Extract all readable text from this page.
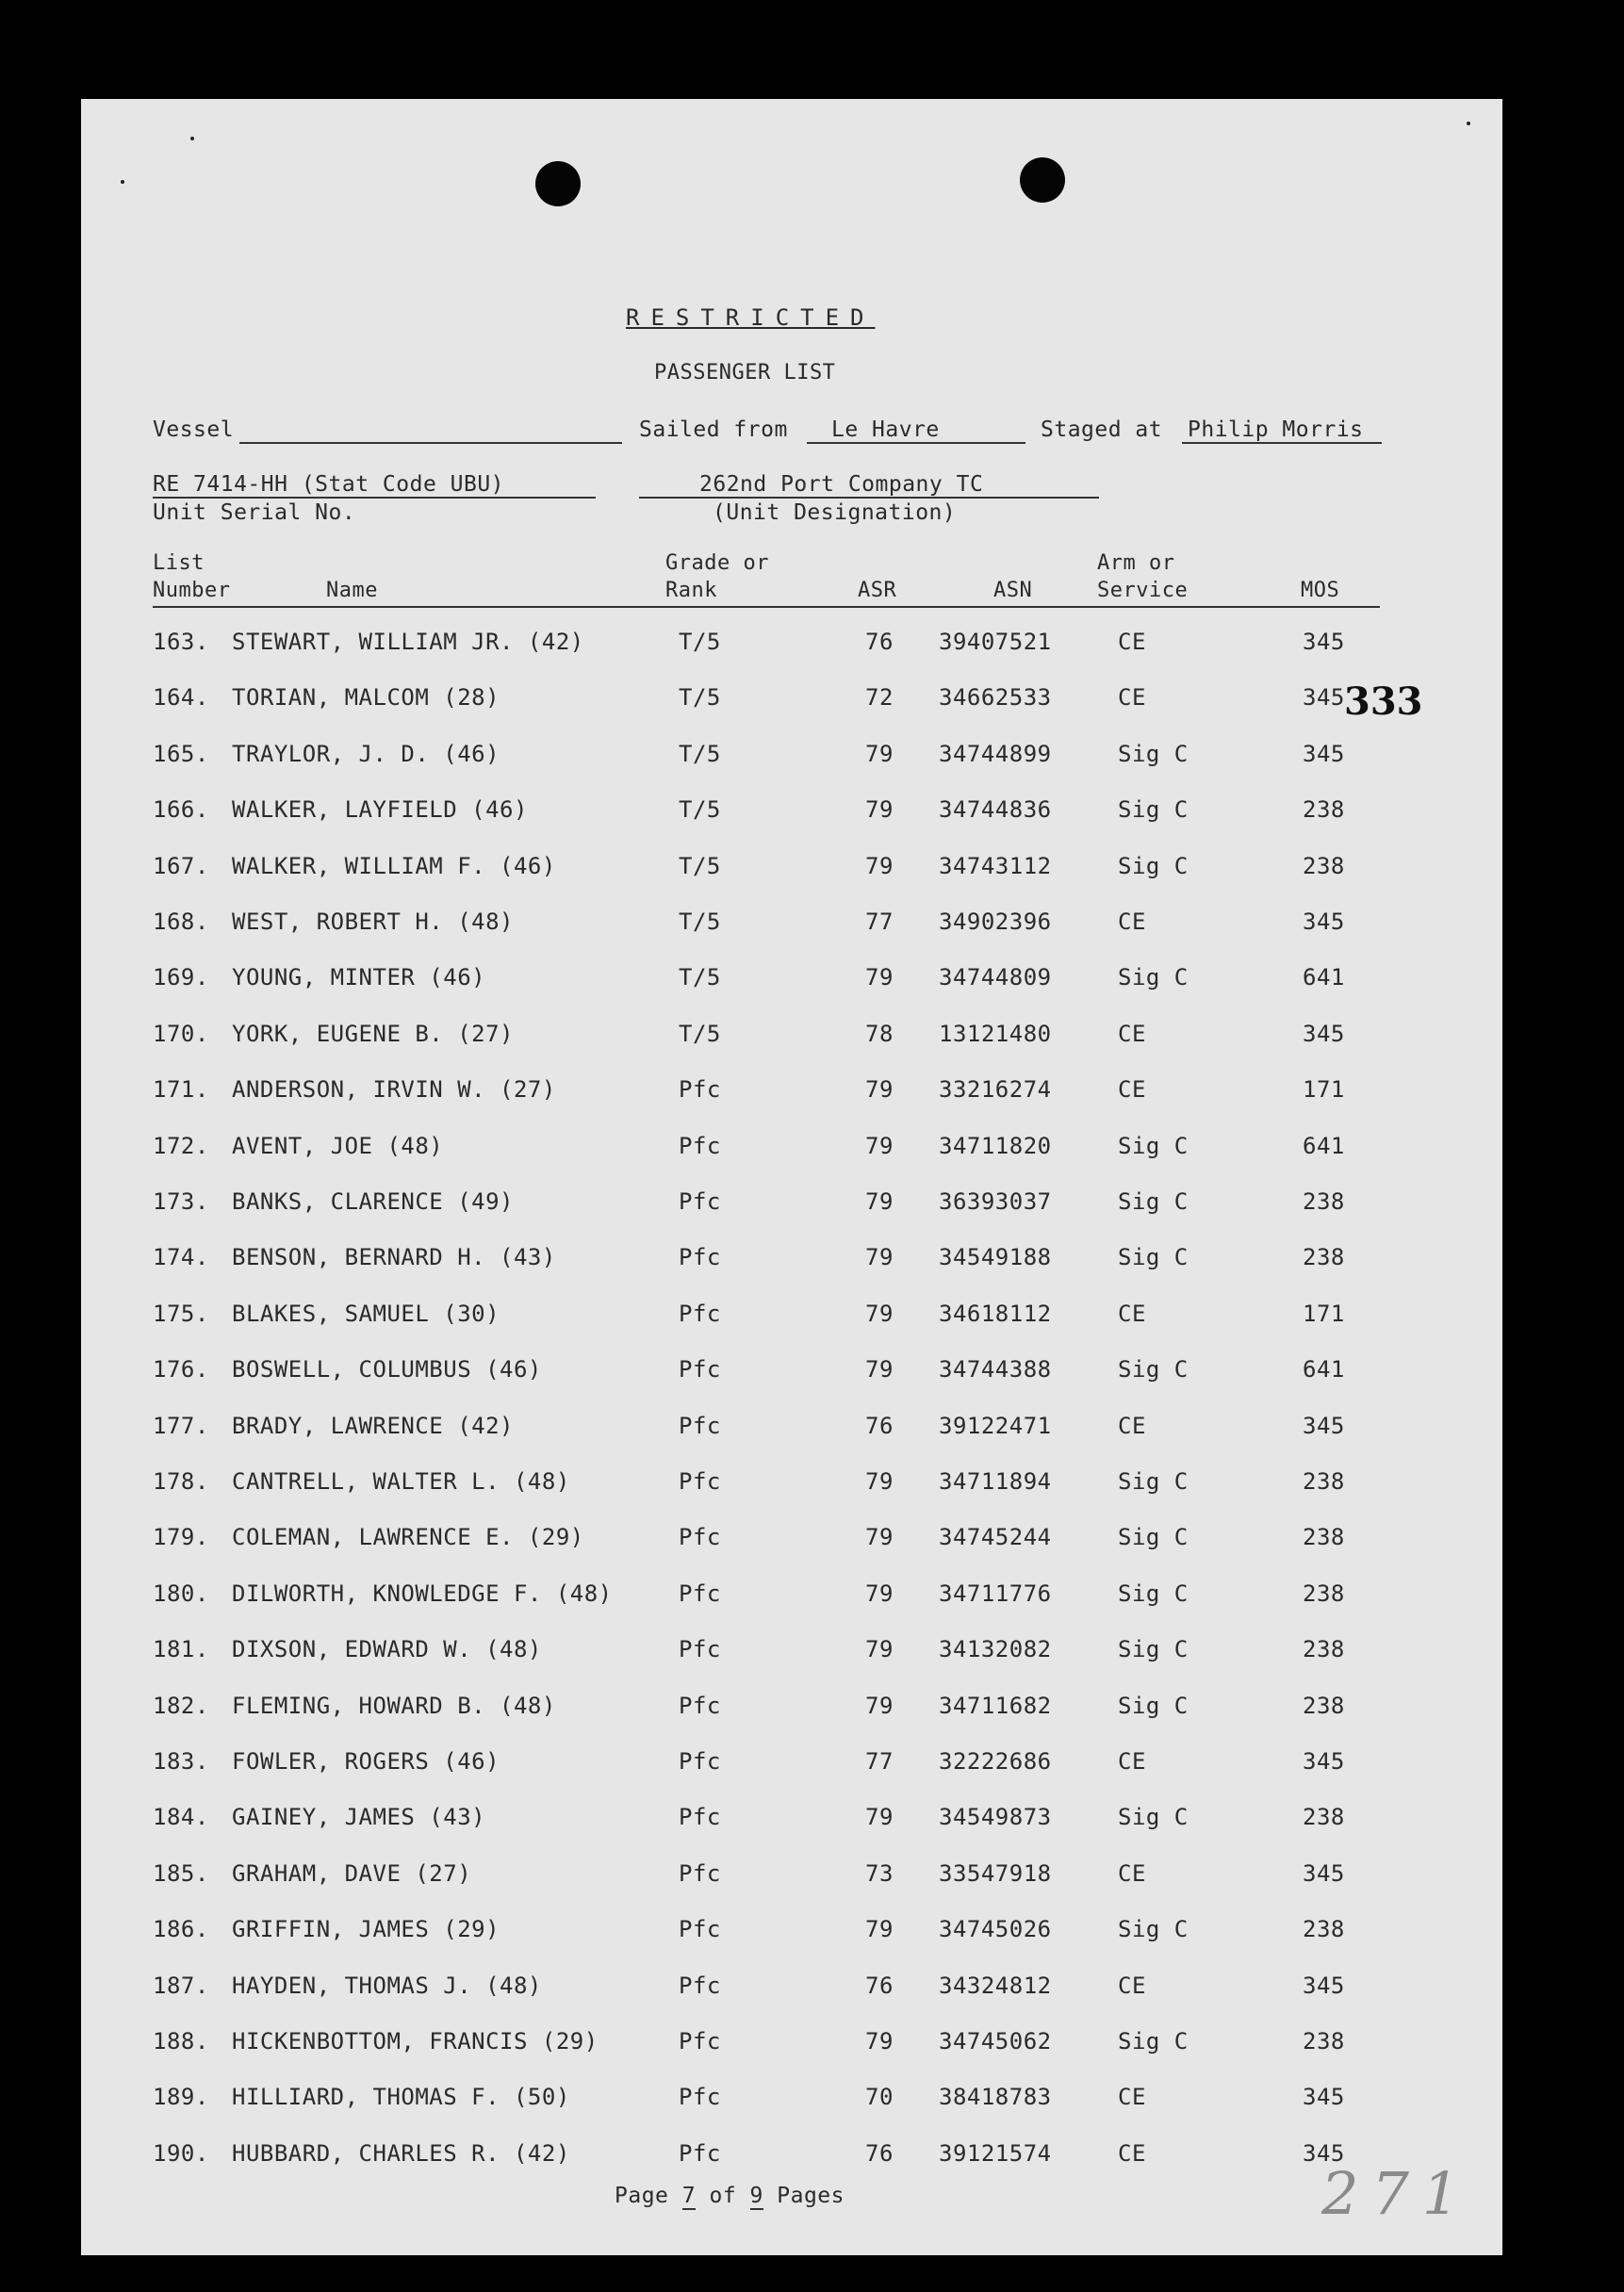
RESTRICTED
PASSENGER LIST
Vessel	Sailed from Le Havre	Staged at Philip Morris
RE 7414-HH (Stat Code UBU)
Unit Serial No.
262nd Port Company TC
(Unit Designation)
List
Number	Name
Grade or
Rank	ASR	ASN
Arm or
Service	MOS
163. STEWART, WILLIAM JR. (42)	T/5	76 39407521	CE	345
164. TORIAN, MALCOM (28)	T/5	72 34662533	CE	345
165. TRAYLOR, J. D. (46)	T/5	79 34744899	Sig C	345
166. WALKER, LAYFIELD (46)	T/5	79 34744836	Sig C	238
167. WALKER, WILLIAM F. (46)	T/5	79 34743112	Sig C	238
168. WEST, ROBERT H. (48)	T/5	77 34902396	CE	345
169. YOUNG, MINTER (46)	T/5	79 34744809	Sig C	641
170. YORK, EUGENE B. (27)	T/5	78 13121480	CE	345
171. ANDERSON, IRVIN W. (27)	Pfc	79 33216274	CE	171
172. AVENT, JOE (48)	Pfc	79 34711820	Sig C	641
173. BANKS, CLARENCE (49)	Pfc	79 36393037	Sig C	238
174. BENSON, BERNARD H. (43)	Pfc	79 34549188	Sig C	238
175. BLAKES, SAMUEL (30)	Pfc	79 34618112	CE	171
176. BOSWELL, COLUMBUS (46)	Pfc	79 34744388	Sig C	641
177. BRADY, LAWRENCE (42)	Pfc	76 39122471	CE	345
178. CANTRELL, WALTER L. (48)	Pfc	79 34711894	Sig C	238
179. COLEMAN, LAWRENCE E. (29)	Pfc	79 34745244	Sig C	238
180. DILWORTH, KNOWLEDGE F. (48)	Pfc	79 34711776	Sig C	238
181. DIXSON, EDWARD W. (48)	Pfc	79 34132082	Sig C	238
182. FLEMING, HOWARD B. (48)	Pfc	79 34711682	Sig C	238
183. FOWLER, ROGERS (46)	Pfc	77 32222686	CE	345
184. GAINEY, JAMES (43)	Pfc	79 34549873	Sig C	238
185. GRAHAM, DAVE (27)	Pfc	73 33547918	CE	345
186. GRIFFIN, JAMES (29)	Pfc	79 34745026	Sig C	238
187. HAYDEN, THOMAS J. (48)	Pfc	76 34324812	CE	345
188. HICKENBOTTOM, FRANCIS (29)	Pfc	79 34745062	Sig C	238
189. HILLIARD, THOMAS F. (50)	Pfc	70 38418783	CE	345
190. HUBBARD, CHARLES R. (42)	Pfc	76 39121574	CE	345
333
Page 7 of 9 Pages	271
